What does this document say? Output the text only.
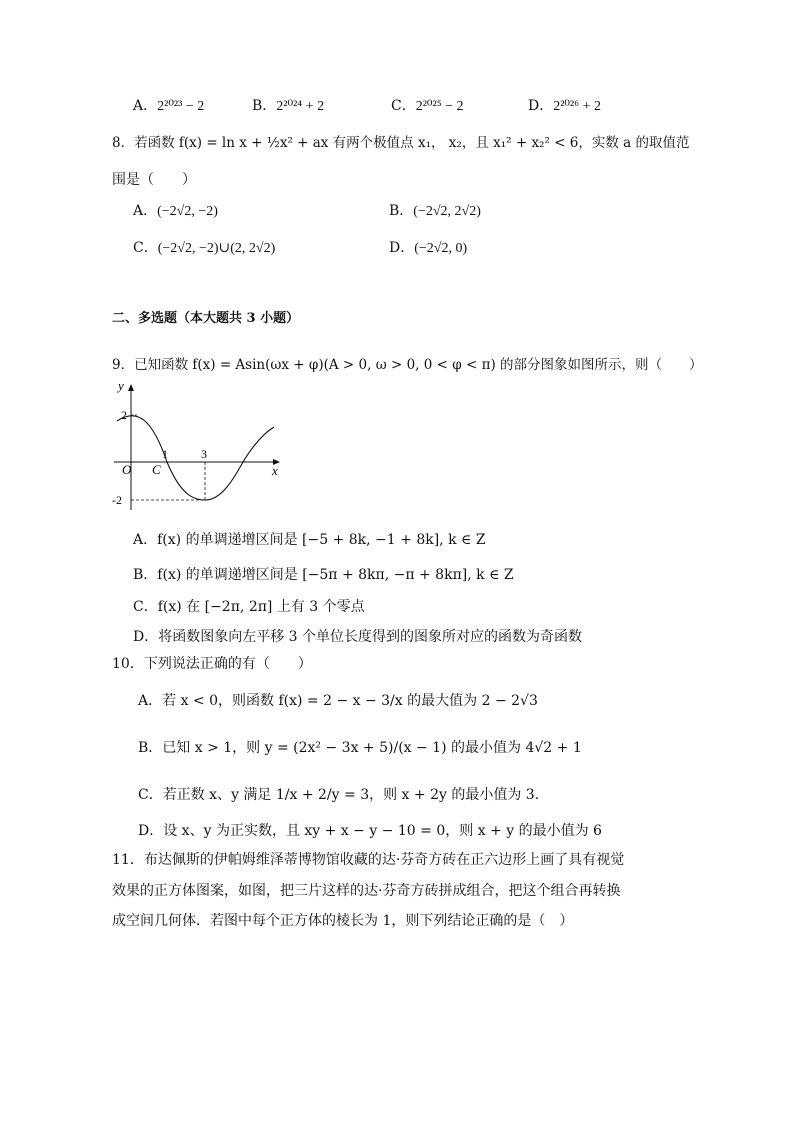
A．2²⁰²³ − 2	B．2²⁰²⁴ + 2	C．2²⁰²⁵ − 2	D．2²⁰²⁶ + 2
8．若函数 f(x) = ln x + ½x² + ax 有两个极值点 x₁， x₂，且 x₁² + x₂² < 6，实数 a 的取值范
围是（　　）
A．(−2√2, −2)	B．(−2√2, 2√2)
C．(−2√2, −2)∪(2, 2√2)	D．(−2√2, 0)
二、多选题（本大题共 3 小题）
9．已知函数 f(x) = Asin(ωx + φ)(A > 0, ω > 0, 0 < φ < π) 的部分图象如图所示，则（　　）
y
x
O C
1	3
2
-2
A．f(x) 的单调递增区间是 [−5 + 8k, −1 + 8k], k ∈ Z
B．f(x) 的单调递增区间是 [−5π + 8kπ, −π + 8kπ], k ∈ Z
C．f(x) 在 [−2π, 2π] 上有 3 个零点
D．将函数图象向左平移 3 个单位长度得到的图象所对应的函数为奇函数
10．下列说法正确的有（　　）
A．若 x < 0，则函数 f(x) = 2 − x − 3/x 的最大值为 2 − 2√3
B．已知 x > 1，则 y = (2x² − 3x + 5)/(x − 1) 的最小值为 4√2 + 1
C．若正数 x、y 满足 1/x + 2/y = 3，则 x + 2y 的最小值为 3.
D．设 x、y 为正实数，且 xy + x − y − 10 = 0，则 x + y 的最小值为 6
11．布达佩斯的伊帕姆维泽蒂博物馆收藏的达·芬奇方砖在正六边形上画了具有视觉
效果的正方体图案，如图，把三片这样的达·芬奇方砖拼成组合，把这个组合再转换
成空间几何体．若图中每个正方体的棱长为 1，则下列结论正确的是（　）
